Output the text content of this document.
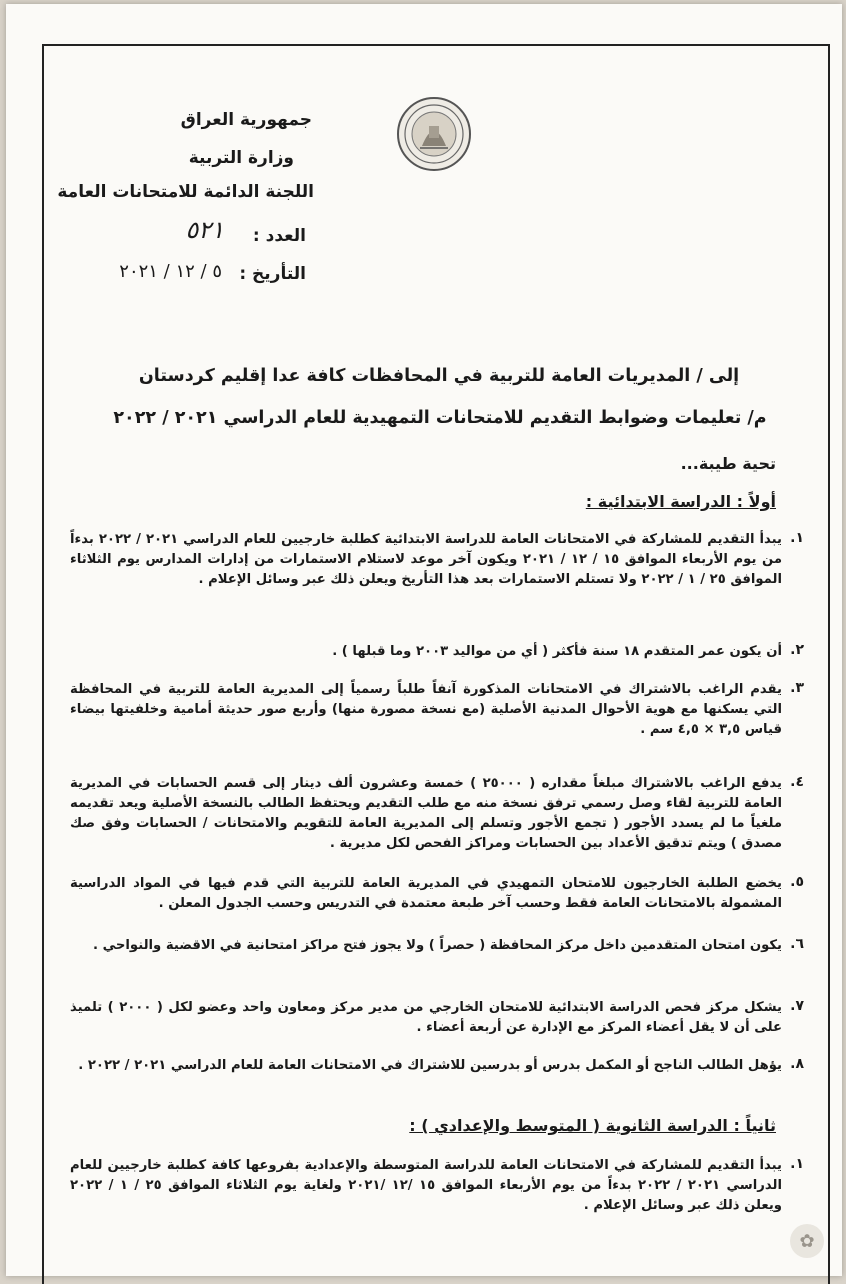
جمهورية العراق
وزارة التربية
اللجنة الدائمة للامتحانات العامة
العدد :
٥٢١
التأريخ :
٥ / ١٢ / ٢٠٢١
إلى / المديريات العامة للتربية في المحافظات كافة عدا إقليم كردستان
م/ تعليمات وضوابط التقديم للامتحانات التمهيدية للعام الدراسي ٢٠٢١ / ٢٠٢٢
تحية طيبة...
أولاً : الدراسة الابتدائية :
١.
يبدأ التقديم للمشاركة في الامتحانات العامة للدراسة الابتدائية كطلبة خارجيين للعام الدراسي ٢٠٢١ / ٢٠٢٢ بدءاً من يوم الأربعاء الموافق ١٥ / ١٢ / ٢٠٢١ ويكون آخر موعد لاستلام الاستمارات من إدارات المدارس يوم الثلاثاء الموافق ٢٥ / ١ / ٢٠٢٢ ولا تستلم الاستمارات بعد هذا التأريخ ويعلن ذلك عبر وسائل الإعلام .
٢.
أن يكون عمر المتقدم ١٨ سنة فأكثر ( أي من مواليد ٢٠٠٣ وما قبلها ) .
٣.
يقدم الراغب بالاشتراك في الامتحانات المذكورة آنفاً طلباً رسمياً إلى المديرية العامة للتربية في المحافظة التي يسكنها مع هوية الأحوال المدنية الأصلية (مع نسخة مصورة منها) وأربع صور حديثة أمامية وخلفيتها بيضاء قياس ٣,٥ × ٤,٥ سم .
٤.
يدفع الراغب بالاشتراك مبلغاً مقداره ( ٢٥٠٠٠ ) خمسة وعشرون ألف دينار إلى قسم الحسابات في المديرية العامة للتربية لقاء وصل رسمي ترفق نسخة منه مع طلب التقديم ويحتفظ الطالب بالنسخة الأصلية ويعد تقديمه ملغياً ما لم يسدد الأجور ( تجمع الأجور وتسلم إلى المديرية العامة للتقويم والامتحانات / الحسابات وفق صك مصدق ) ويتم تدقيق الأعداد بين الحسابات ومراكز الفحص لكل مديرية .
٥.
يخضع الطلبة الخارجيون للامتحان التمهيدي في المديرية العامة للتربية التي قدم فيها في المواد الدراسية المشمولة بالامتحانات العامة فقط وحسب آخر طبعة معتمدة في التدريس وحسب الجدول المعلن .
٦.
يكون امتحان المتقدمين داخل مركز المحافظة ( حصراً ) ولا يجوز فتح مراكز امتحانية في الاقضية والنواحي .
٧.
يشكل مركز فحص الدراسة الابتدائية للامتحان الخارجي من مدير مركز ومعاون واحد وعضو لكل ( ٢٠٠٠ ) تلميذ على أن لا يقل أعضاء المركز مع الإدارة عن أربعة أعضاء .
٨.
يؤهل الطالب الناجح أو المكمل بدرس أو بدرسين للاشتراك في الامتحانات العامة للعام الدراسي ٢٠٢١ / ٢٠٢٢ .
ثانياً : الدراسة الثانوية ( المتوسط والإعدادي ) :
١.
يبدأ التقديم للمشاركة في الامتحانات العامة للدراسة المتوسطة والإعدادية بفروعها كافة كطلبة خارجيين للعام الدراسي ٢٠٢١ / ٢٠٢٢ بدءاً من يوم الأربعاء الموافق ١٥ /١٢ /٢٠٢١ ولغاية يوم الثلاثاء الموافق ٢٥ / ١ / ٢٠٢٢ ويعلن ذلك عبر وسائل الإعلام .
✿
